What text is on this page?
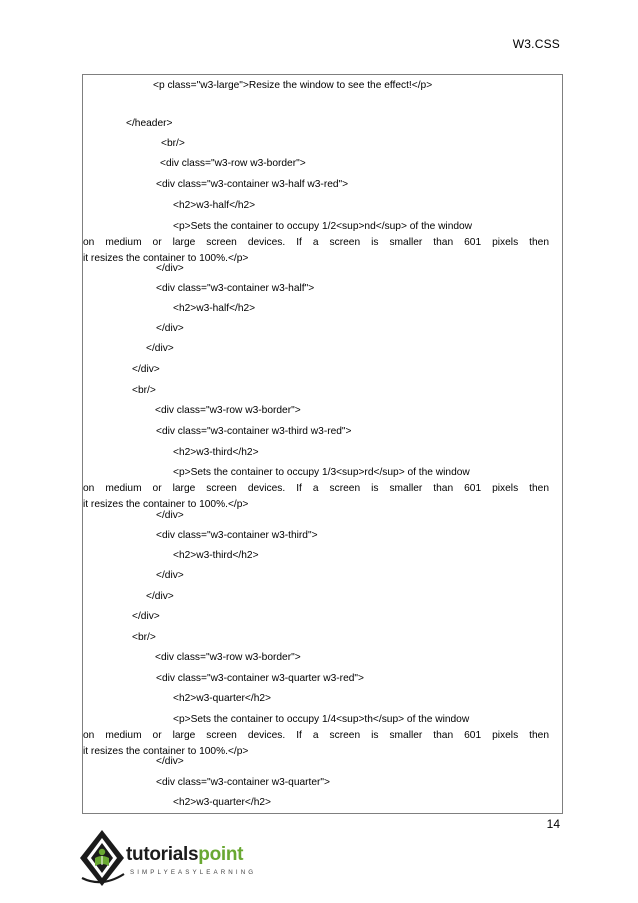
W3.CSS
<p class="w3-large">Resize the window to see the effect!</p>
</header>
<br/>
<div class="w3-row w3-border">
<div class="w3-container w3-half w3-red">
<h2>w3-half</h2>
<p>Sets the container to occupy 1/2<sup>nd</sup> of the window
on medium or large screen devices. If a screen is smaller than 601 pixels then
it resizes the container to 100%.</p>
</div>
<div class="w3-container w3-half">
<h2>w3-half</h2>
</div>
</div>
</div>
<br/>
<div class="w3-row w3-border">
<div class="w3-container w3-third w3-red">
<h2>w3-third</h2>
<p>Sets the container to occupy 1/3<sup>rd</sup> of the window
on medium or large screen devices. If a screen is smaller than 601 pixels then
it resizes the container to 100%.</p>
</div>
<div class="w3-container w3-third">
<h2>w3-third</h2>
</div>
</div>
</div>
<br/>
<div class="w3-row w3-border">
<div class="w3-container w3-quarter w3-red">
<h2>w3-quarter</h2>
<p>Sets the container to occupy 1/4<sup>th</sup> of the window
on medium or large screen devices. If a screen is smaller than 601 pixels then
it resizes the container to 100%.</p>
</div>
<div class="w3-container w3-quarter">
<h2>w3-quarter</h2>
14
tutorialspoint
SIMPLYEASYLEARNING
